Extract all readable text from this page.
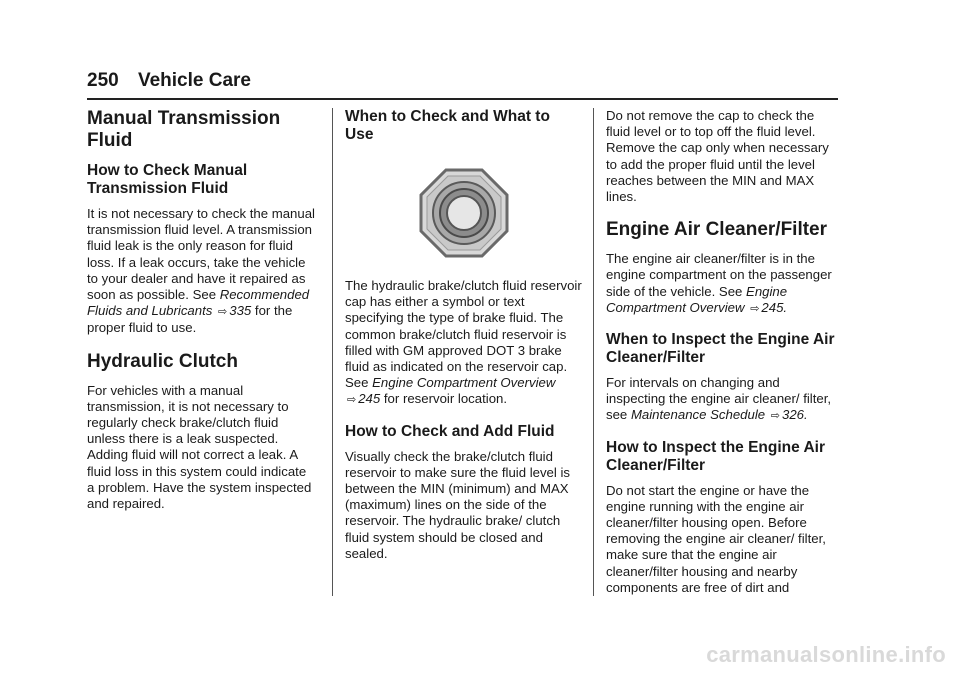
250 Vehicle Care
Manual Transmission Fluid
How to Check Manual Transmission Fluid

It is not necessary to check the manual transmission fluid level. A transmission fluid leak is the only reason for fluid loss. If a leak occurs, take the vehicle to your dealer and have it repaired as soon as possible. See Recommended Fluids and Lubricants ⇨ 335 for the proper fluid to use.

Hydraulic Clutch

For vehicles with a manual transmission, it is not necessary to regularly check brake/clutch fluid unless there is a leak suspected. Adding fluid will not correct a leak. A fluid loss in this system could indicate a problem. Have the system inspected and repaired.

When to Check and What to Use

The hydraulic brake/clutch fluid reservoir cap has either a symbol or text specifying the type of brake fluid. The common brake/clutch fluid reservoir is filled with GM approved DOT 3 brake fluid as indicated on the reservoir cap. See Engine Compartment Overview ⇨ 245 for reservoir location.

How to Check and Add Fluid

Visually check the brake/clutch fluid reservoir to make sure the fluid level is between the MIN (minimum) and MAX (maximum) lines on the side of the reservoir. The hydraulic brake/ clutch fluid system should be closed and sealed.

Do not remove the cap to check the fluid level or to top off the fluid level. Remove the cap only when necessary to add the proper fluid until the level reaches between the MIN and MAX lines.

Engine Air Cleaner/Filter

The engine air cleaner/filter is in the engine compartment on the passenger side of the vehicle. See Engine Compartment Overview ⇨ 245.

When to Inspect the Engine Air Cleaner/Filter

For intervals on changing and inspecting the engine air cleaner/ filter, see Maintenance Schedule ⇨ 326.

How to Inspect the Engine Air Cleaner/Filter

Do not start the engine or have the engine running with the engine air cleaner/filter housing open. Before removing the engine air cleaner/ filter, make sure that the engine air cleaner/filter housing and nearby components are free of dirt and

carmanualsonline.info
